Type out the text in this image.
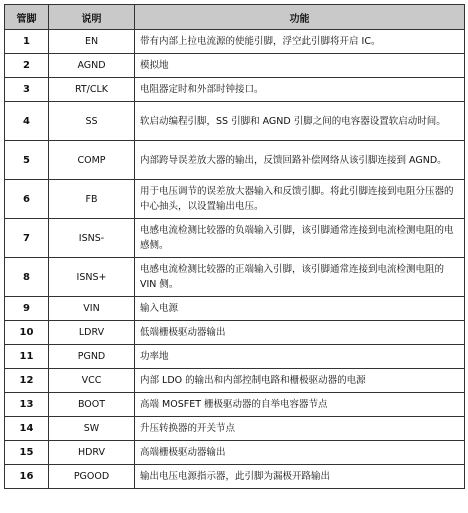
管脚	说明	功能
1	EN	带有内部上拉电流源的使能引脚，浮空此引脚将开启 IC。
2	AGND	模拟地
3	RT/CLK	电阻器定时和外部时钟接口。
4	SS	软启动编程引脚，SS 引脚和 AGND 引脚之间的电容器设置软启动时间。
5	COMP	内部跨导误差放大器的输出，反馈回路补偿网络从该引脚连接到 AGND。
6	FB	用于电压调节的误差放大器输入和反馈引脚。将此引脚连接到电阻分压器的中心抽头，以设置输出电压。
7	ISNS-	电感电流检测比较器的负端输入引脚，该引脚通常连接到电流检测电阻的电感侧。
8	ISNS+	电感电流检测比较器的正端输入引脚，该引脚通常连接到电流检测电阻的 VIN 侧。
9	VIN	输入电源
10	LDRV	低端栅极驱动器输出
11	PGND	功率地
12	VCC	内部 LDO 的输出和内部控制电路和栅极驱动器的电源
13	BOOT	高端 MOSFET 栅极驱动器的自举电容器节点
14	SW	升压转换器的开关节点
15	HDRV	高端栅极驱动器输出
16	PGOOD	输出电压电源指示器，此引脚为漏极开路输出
